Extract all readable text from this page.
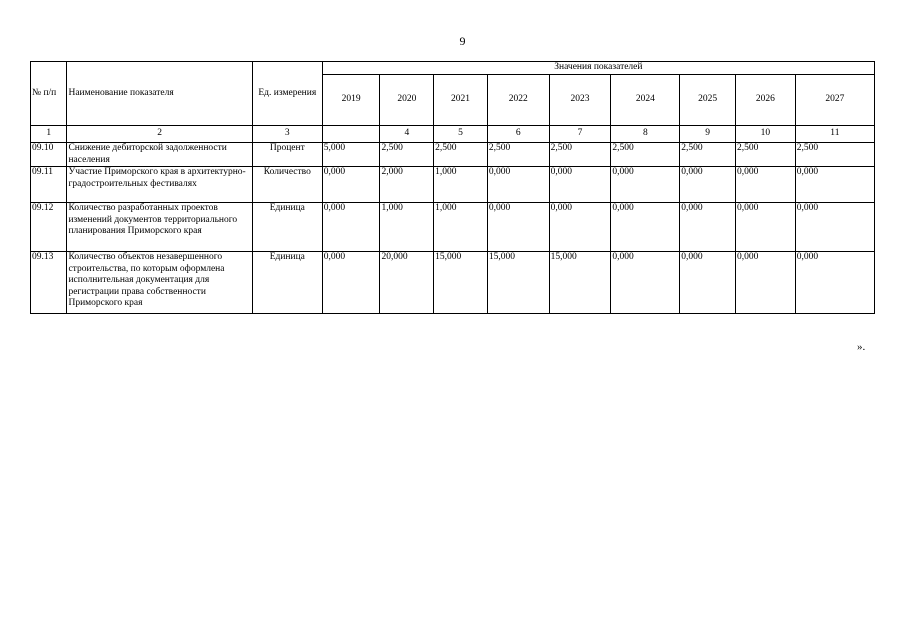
9
№ п/п	Наименование показателя	Ед. измерения	Значения показателей								
			2019	2020	2021	2022	2023	2024	2025	2026	2027
1	2	3		4	5	6	7	8	9	10	11
09.10	Снижение дебиторской задолженности населения	Процент	5,000	2,500	2,500	2,500	2,500	2,500	2,500	2,500	2,500
09.11	Участие Приморского края в архитектурно-градостроительных фестивалях	Количество	0,000	2,000	1,000	0,000	0,000	0,000	0,000	0,000	0,000
09.12	Количество разработанных проектов изменений документов территориального планирования Приморского края	Единица	0,000	1,000	1,000	0,000	0,000	0,000	0,000	0,000	0,000
09.13	Количество объектов незавершенного строительства, по которым оформлена исполнительная документация для регистрации права собственности Приморского края	Единица	0,000	20,000	15,000	15,000	15,000	0,000	0,000	0,000	0,000
».
